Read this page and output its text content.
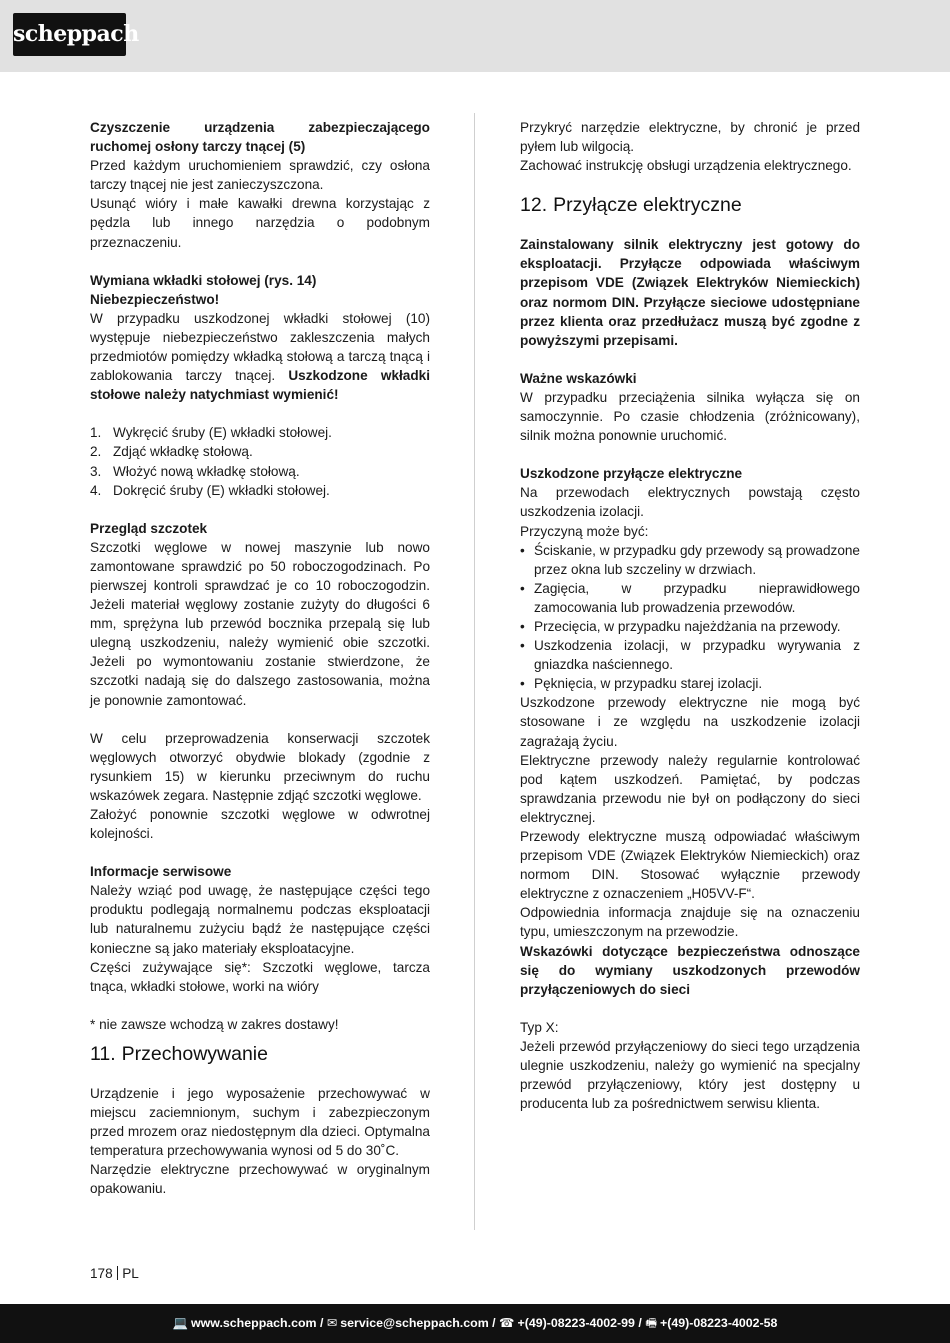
scheppach

Czyszczenie urządzenia zabezpieczającego ruchomej osłony tarczy tnącej (5)

Przed każdym uruchomieniem sprawdzić, czy osłona tarczy tnącej nie jest zanieczyszczona.

Usunąć wióry i małe kawałki drewna korzystając z pędzla lub innego narzędzia o podobnym przeznaczeniu.

Wymiana wkładki stołowej (rys. 14)

Niebezpieczeństwo!

W przypadku uszkodzonej wkładki stołowej (10) występuje niebezpieczeństwo zakleszczenia małych przedmiotów pomiędzy wkładką stołową a tarczą tnącą i zablokowania tarczy tnącej. Uszkodzone wkładki stołowe należy natychmiast wymienić!

1. Wykręcić śruby (E) wkładki stołowej.
2. Zdjąć wkładkę stołową.
3. Włożyć nową wkładkę stołową.
4. Dokręcić śruby (E) wkładki stołowej.

Przegląd szczotek

Szczotki węglowe w nowej maszynie lub nowo zamontowane sprawdzić po 50 roboczogodzinach. Po pierwszej kontroli sprawdzać je co 10 roboczogodzin. Jeżeli materiał węglowy zostanie zużyty do długości 6 mm, sprężyna lub przewód bocznika przepalą się lub ulegną uszkodzeniu, należy wymienić obie szczotki. Jeżeli po wymontowaniu zostanie stwierdzone, że szczotki nadają się do dalszego zastosowania, można je ponownie zamontować.

W celu przeprowadzenia konserwacji szczotek węglowych otworzyć obydwie blokady (zgodnie z rysunkiem 15) w kierunku przeciwnym do ruchu wskazówek zegara. Następnie zdjąć szczotki węglowe.

Założyć ponownie szczotki węglowe w odwrotnej kolejności.

Informacje serwisowe

Należy wziąć pod uwagę, że następujące części tego produktu podlegają normalnemu podczas eksploatacji lub naturalnemu zużyciu bądź że następujące części konieczne są jako materiały eksploatacyjne.

Części zużywające się*: Szczotki węglowe, tarcza tnąca, wkładki stołowe, worki na wióry

* nie zawsze wchodzą w zakres dostawy!

11. Przechowywanie

Urządzenie i jego wyposażenie przechowywać w miejscu zaciemnionym, suchym i zabezpieczonym przed mrozem oraz niedostępnym dla dzieci. Optymalna temperatura przechowywania wynosi od 5 do 30˚C.

Narzędzie elektryczne przechowywać w oryginalnym opakowaniu.

Przykryć narzędzie elektryczne, by chronić je przed pyłem lub wilgocią.

Zachować instrukcję obsługi urządzenia elektrycznego.

12. Przyłącze elektryczne

Zainstalowany silnik elektryczny jest gotowy do eksploatacji. Przyłącze odpowiada właściwym przepisom VDE (Związek Elektryków Niemieckich) oraz normom DIN. Przyłącze sieciowe udostępniane przez klienta oraz przedłużacz muszą być zgodne z powyższymi przepisami.

Ważne wskazówki

W przypadku przeciążenia silnika wyłącza się on samoczynnie. Po czasie chłodzenia (zróżnicowany), silnik można ponownie uruchomić.

Uszkodzone przyłącze elektryczne

Na przewodach elektrycznych powstają często uszkodzenia izolacji.

Przyczyną może być:

• Ściskanie, w przypadku gdy przewody są prowadzone przez okna lub szczeliny w drzwiach.
• Zagięcia, w przypadku nieprawidłowego zamocowania lub prowadzenia przewodów.
• Przecięcia, w przypadku najeżdżania na przewody.
• Uszkodzenia izolacji, w przypadku wyrywania z gniazdka naściennego.
• Pęknięcia, w przypadku starej izolacji.

Uszkodzone przewody elektryczne nie mogą być stosowane i ze względu na uszkodzenie izolacji zagrażają życiu.

Elektryczne przewody należy regularnie kontrolować pod kątem uszkodzeń. Pamiętać, by podczas sprawdzania przewodu nie był on podłączony do sieci elektrycznej.

Przewody elektryczne muszą odpowiadać właściwym przepisom VDE (Związek Elektryków Niemieckich) oraz normom DIN. Stosować wyłącznie przewody elektryczne z oznaczeniem „H05VV-F“.

Odpowiednia informacja znajduje się na oznaczeniu typu, umieszczonym na przewodzie.

Wskazówki dotyczące bezpieczeństwa odnoszące się do wymiany uszkodzonych przewodów przyłączeniowych do sieci

Typ X:

Jeżeli przewód przyłączeniowy do sieci tego urządzenia ulegnie uszkodzeniu, należy go wymienić na specjalny przewód przyłączeniowy, który jest dostępny u producenta lub za pośrednictwem serwisu klienta.

178 PL
💻 www.scheppach.com / ✉ service@scheppach.com / ☎ +(49)-08223-4002-99 / 🖷 +(49)-08223-4002-58
